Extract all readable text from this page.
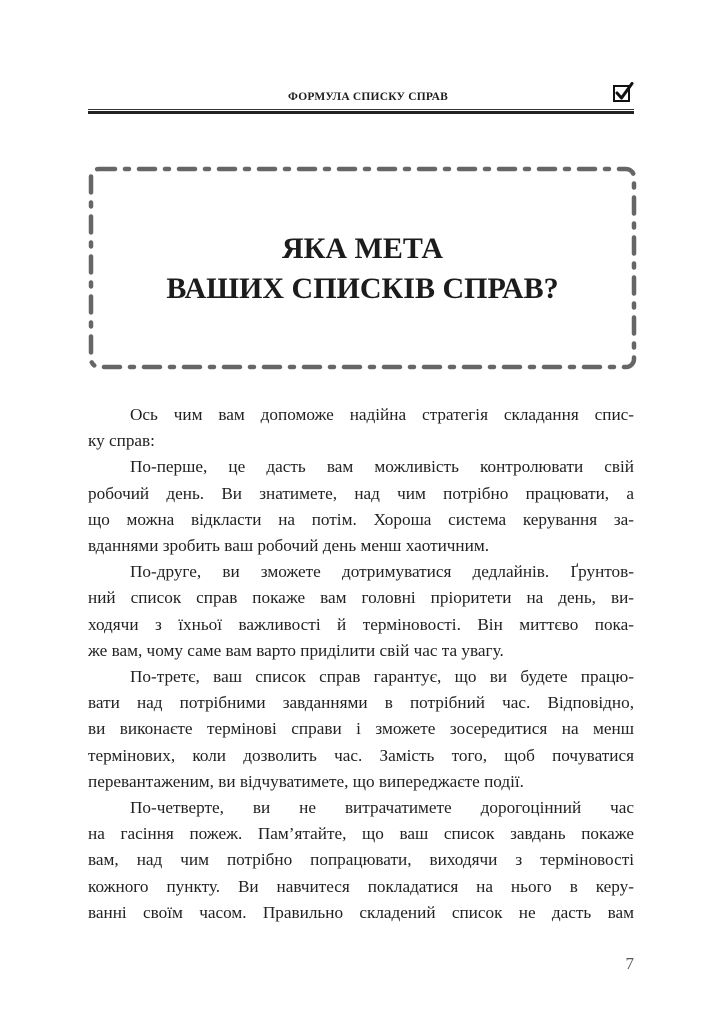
ФОРМУЛА СПИСКУ СПРАВ
ЯКА МЕТА
ВАШИХ СПИСКІВ СПРАВ?
Ось чим вам допоможе надійна стратегія складання спис-
ку справ:
По-перше, це дасть вам можливість контролювати свій
робочий день. Ви знатимете, над чим потрібно працювати, а
що можна відкласти на потім. Хороша система керування за-
вданнями зробить ваш робочий день менш хаотичним.
По-друге, ви зможете дотримуватися дедлайнів. Ґрунтов-
ний список справ покаже вам головні пріоритети на день, ви-
ходячи з їхньої важливості й терміновості. Він миттєво пока-
же вам, чому саме вам варто приділити свій час та увагу.
По-третє, ваш список справ гарантує, що ви будете працю-
вати над потрібними завданнями в потрібний час. Відповідно,
ви виконаєте термінові справи і зможете зосередитися на менш
термінових, коли дозволить час. Замість того, щоб почуватися
перевантаженим, ви відчуватимете, що випереджаєте події.
По-четверте, ви не витрачатимете дорогоцінний час
на гасіння пожеж. Пам’ятайте, що ваш список завдань покаже
вам, над чим потрібно попрацювати, виходячи з терміновості
кожного пункту. Ви навчитеся покладатися на нього в керу-
ванні своїм часом. Правильно складений список не дасть вам
7
